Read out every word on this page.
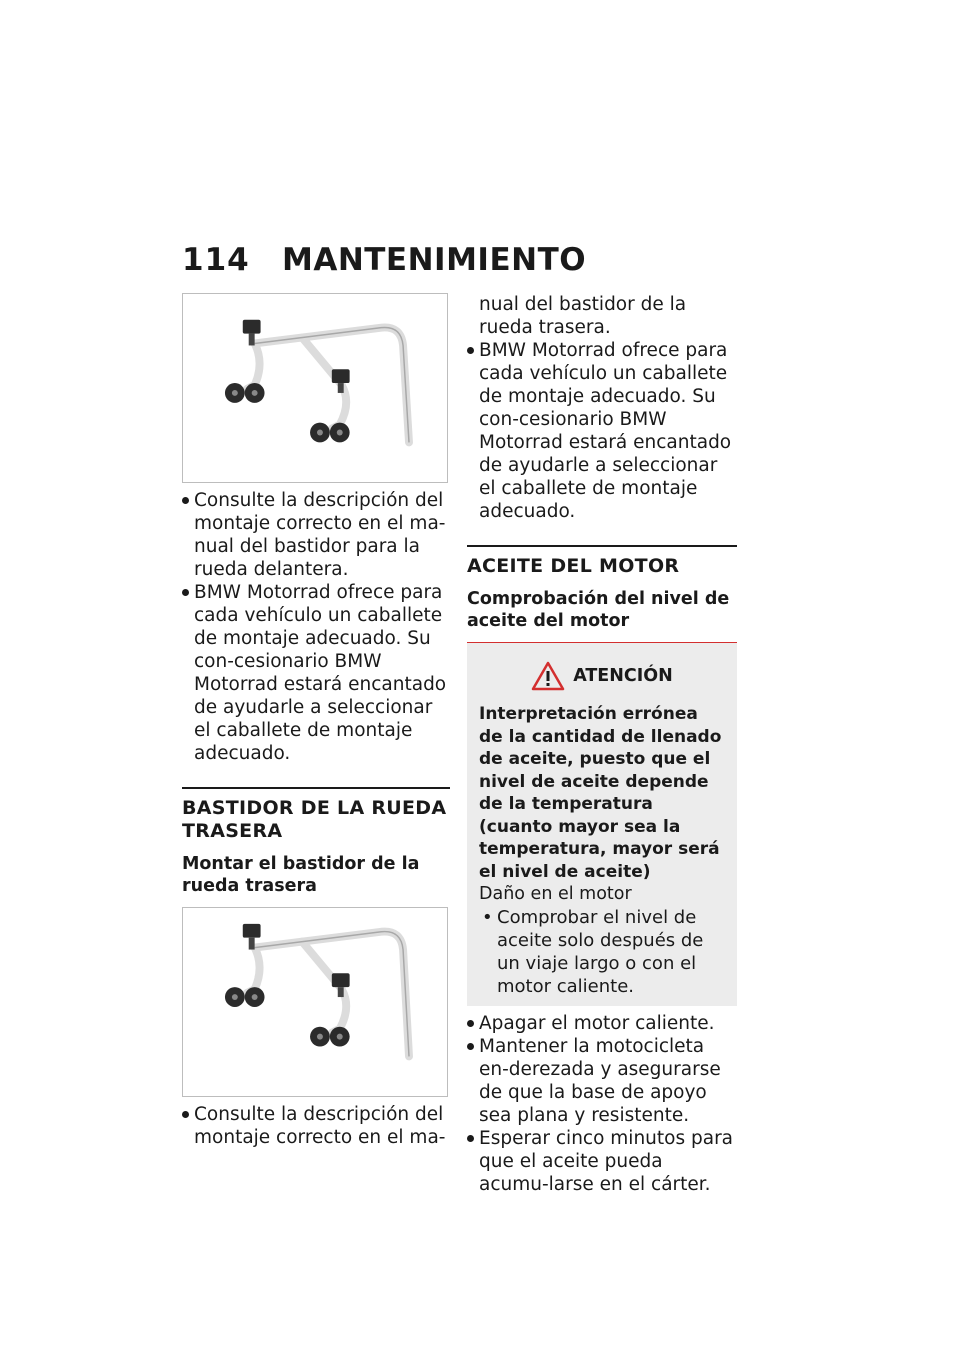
114	MANTENIMIENTO
Consulte la descripción del montaje correcto en el ma-
nual del bastidor para la rueda delantera.
BMW Motorrad ofrece para cada vehículo un caballete de montaje adecuado. Su con-cesionario BMW Motorrad estará encantado de ayudarle a seleccionar el caballete de montaje adecuado.
BASTIDOR DE LA RUEDA TRASERA
Montar el bastidor de la rueda trasera
Consulte la descripción del montaje correcto en el ma-
nual del bastidor de la rueda trasera.
BMW Motorrad ofrece para cada vehículo un caballete de montaje adecuado. Su con-cesionario BMW Motorrad estará encantado de ayudarle a seleccionar el caballete de montaje adecuado.
ACEITE DEL MOTOR
Comprobación del nivel de aceite del motor
ATENCIÓN
Interpretación errónea de la cantidad de llenado de aceite, puesto que el nivel de aceite depende de la temperatura (cuanto mayor sea la temperatura, mayor será el nivel de aceite)
Daño en el motor
• Comprobar el nivel de aceite solo después de un viaje largo o con el motor caliente.
Apagar el motor caliente.
Mantener la motocicleta en-derezada y asegurarse de que la base de apoyo sea plana y resistente.
Esperar cinco minutos para que el aceite pueda acumu-larse en el cárter.
